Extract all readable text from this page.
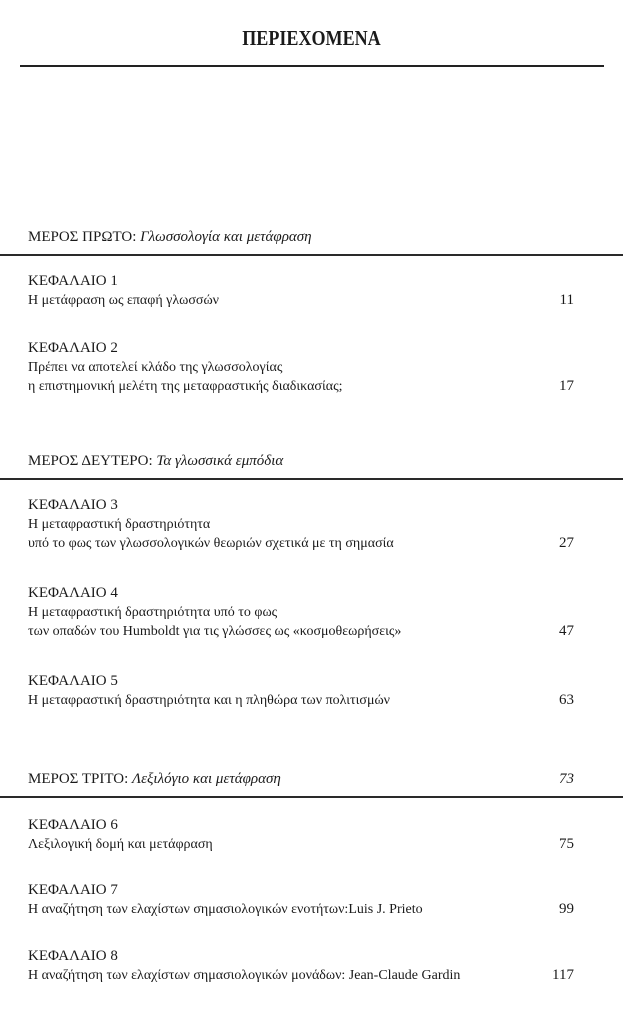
ΠΕΡΙΕΧΟΜΕΝΑ
ΜΕΡΟΣ ΠΡΩΤΟ: Γλωσσολογία και μετάφραση
ΚΕΦΑΛΑΙΟ 1
Η μετάφραση ως επαφή γλωσσών	11
ΚΕΦΑΛΑΙΟ 2
Πρέπει να αποτελεί κλάδο της γλωσσολογίας
η επιστημονική μελέτη της μεταφραστικής διαδικασίας;	17
ΜΕΡΟΣ ΔΕΥΤΕΡΟ: Τα γλωσσικά εμπόδια
ΚΕΦΑΛΑΙΟ 3
Η μεταφραστική δραστηριότητα
υπό το φως των γλωσσολογικών θεωριών σχετικά με τη σημασία	27
ΚΕΦΑΛΑΙΟ 4
Η μεταφραστική δραστηριότητα υπό το φως
των οπαδών του Humboldt για τις γλώσσες ως «κοσμοθεωρήσεις»	47
ΚΕΦΑΛΑΙΟ 5
Η μεταφραστική δραστηριότητα και η πληθώρα των πολιτισμών	63
ΜΕΡΟΣ ΤΡΙΤΟ: Λεξιλόγιο και μετάφραση	73
ΚΕΦΑΛΑΙΟ 6
Λεξιλογική δομή και μετάφραση	75
ΚΕΦΑΛΑΙΟ 7
Η αναζήτηση των ελαχίστων σημασιολογικών ενοτήτων:Luis J. Prieto	99
ΚΕΦΑΛΑΙΟ 8
Η αναζήτηση των ελαχίστων σημασιολογικών μονάδων: Jean-Claude Gardin	117
